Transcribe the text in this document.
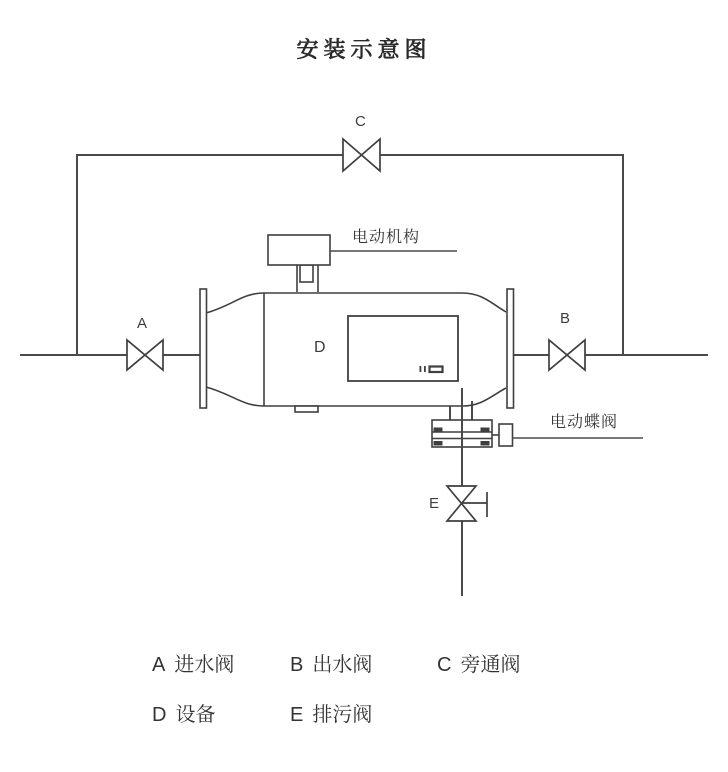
安装示意图
A	B
C
D
E
电动机构
电动蝶阀
A 进水阀	B 出水阀	C 旁通阀
D 设备	E 排污阀
